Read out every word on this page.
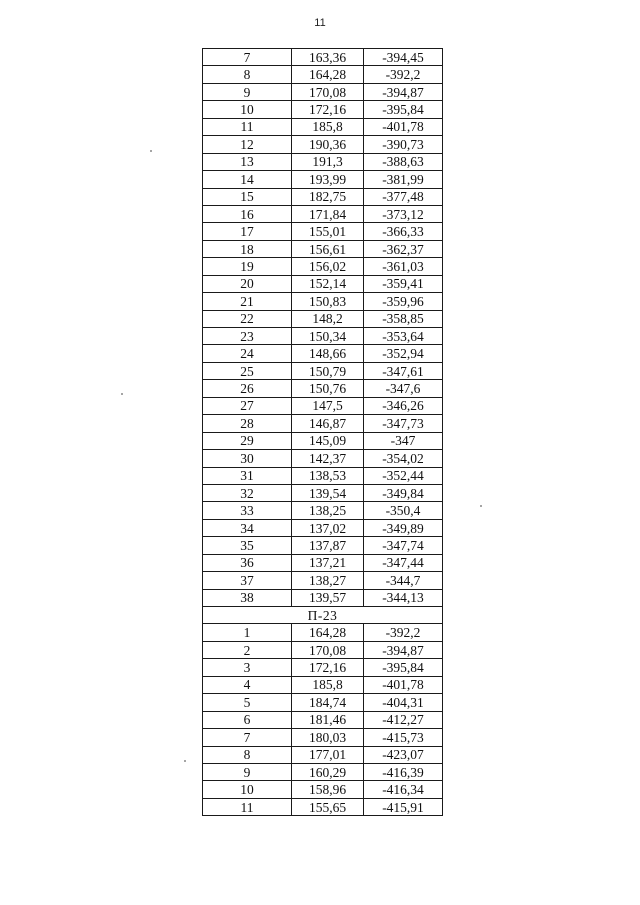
11
7	163,36	-394,45
8	164,28	-392,2
9	170,08	-394,87
10	172,16	-395,84
11	185,8	-401,78
12	190,36	-390,73
13	191,3	-388,63
14	193,99	-381,99
15	182,75	-377,48
16	171,84	-373,12
17	155,01	-366,33
18	156,61	-362,37
19	156,02	-361,03
20	152,14	-359,41
21	150,83	-359,96
22	148,2	-358,85
23	150,34	-353,64
24	148,66	-352,94
25	150,79	-347,61
26	150,76	-347,6
27	147,5	-346,26
28	146,87	-347,73
29	145,09	-347
30	142,37	-354,02
31	138,53	-352,44
32	139,54	-349,84
33	138,25	-350,4
34	137,02	-349,89
35	137,87	-347,74
36	137,21	-347,44
37	138,27	-344,7
38	139,57	-344,13
П-23		
1	164,28	-392,2
2	170,08	-394,87
3	172,16	-395,84
4	185,8	-401,78
5	184,74	-404,31
6	181,46	-412,27
7	180,03	-415,73
8	177,01	-423,07
9	160,29	-416,39
10	158,96	-416,34
11	155,65	-415,91
